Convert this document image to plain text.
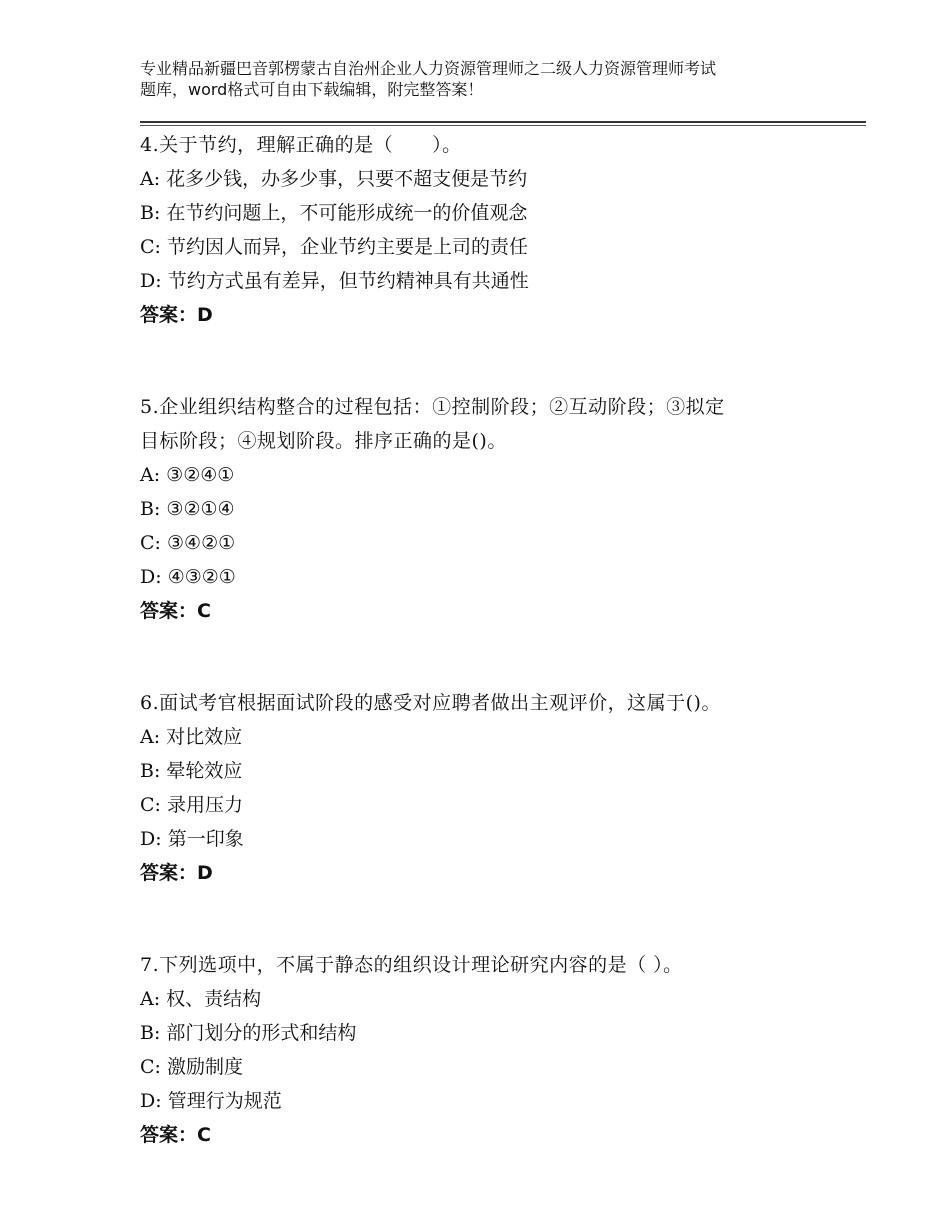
专业精品新疆巴音郭楞蒙古自治州企业人力资源管理师之二级人力资源管理师考试
题库，word格式可自由下载编辑，附完整答案！
4.关于节约，理解正确的是（　　）。
A: 花多少钱，办多少事，只要不超支便是节约
B: 在节约问题上，不可能形成统一的价值观念
C: 节约因人而异，企业节约主要是上司的责任
D: 节约方式虽有差异，但节约精神具有共通性
答案：D
5.企业组织结构整合的过程包括：①控制阶段；②互动阶段；③拟定
目标阶段；④规划阶段。排序正确的是()。
A: ③②④①
B: ③②①④
C: ③④②①
D: ④③②①
答案：C
6.面试考官根据面试阶段的感受对应聘者做出主观评价，这属于()。
A: 对比效应
B: 晕轮效应
C: 录用压力
D: 第一印象
答案：D
7.下列选项中，不属于静态的组织设计理论研究内容的是（ ）。
A: 权、责结构
B: 部门划分的形式和结构
C: 激励制度
D: 管理行为规范
答案：C
